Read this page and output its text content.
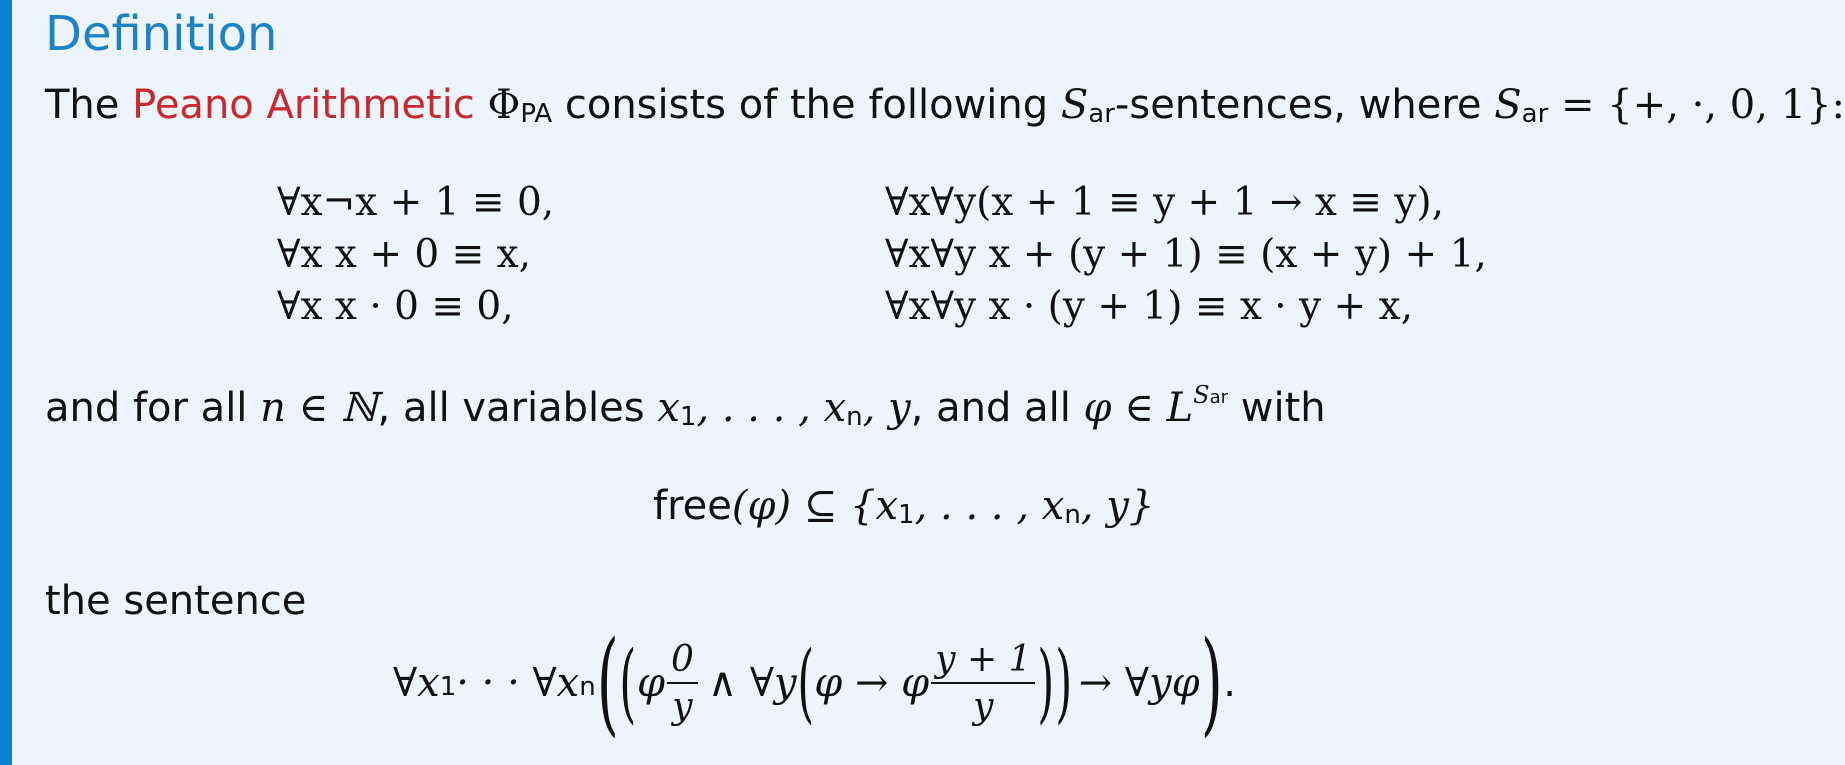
Definition
The Peano Arithmetic $\Phi_{PA}$ consists of the following $S_{ar}$-sentences, where $S_{ar}$ = {+, ·, 0, 1}:
∀x¬x + 1 ≡ 0,
∀x x + 0 ≡ x,
∀x x · 0 ≡ 0,
∀x∀y(x + 1 ≡ y + 1 → x ≡ y),
∀x∀y x + (y + 1) ≡ (x + y) + 1,
∀x∀y x · (y + 1) ≡ x · y + x,
and for all n ∈ ℕ, all variables $x_1$, . . . , $x_n$, y, and all φ ∈ $L^{Sar}$ with
free(φ) ⊆ {$x_1$, . . . , $x_n$, y}
the sentence
$\forall x_1$ · · · $\forall x_n$ ( ( φ $\frac{0}{y}$ ∧ ∀y ( φ → φ $\frac{y + 1}{y}$ ) ) → ∀yφ ) .
